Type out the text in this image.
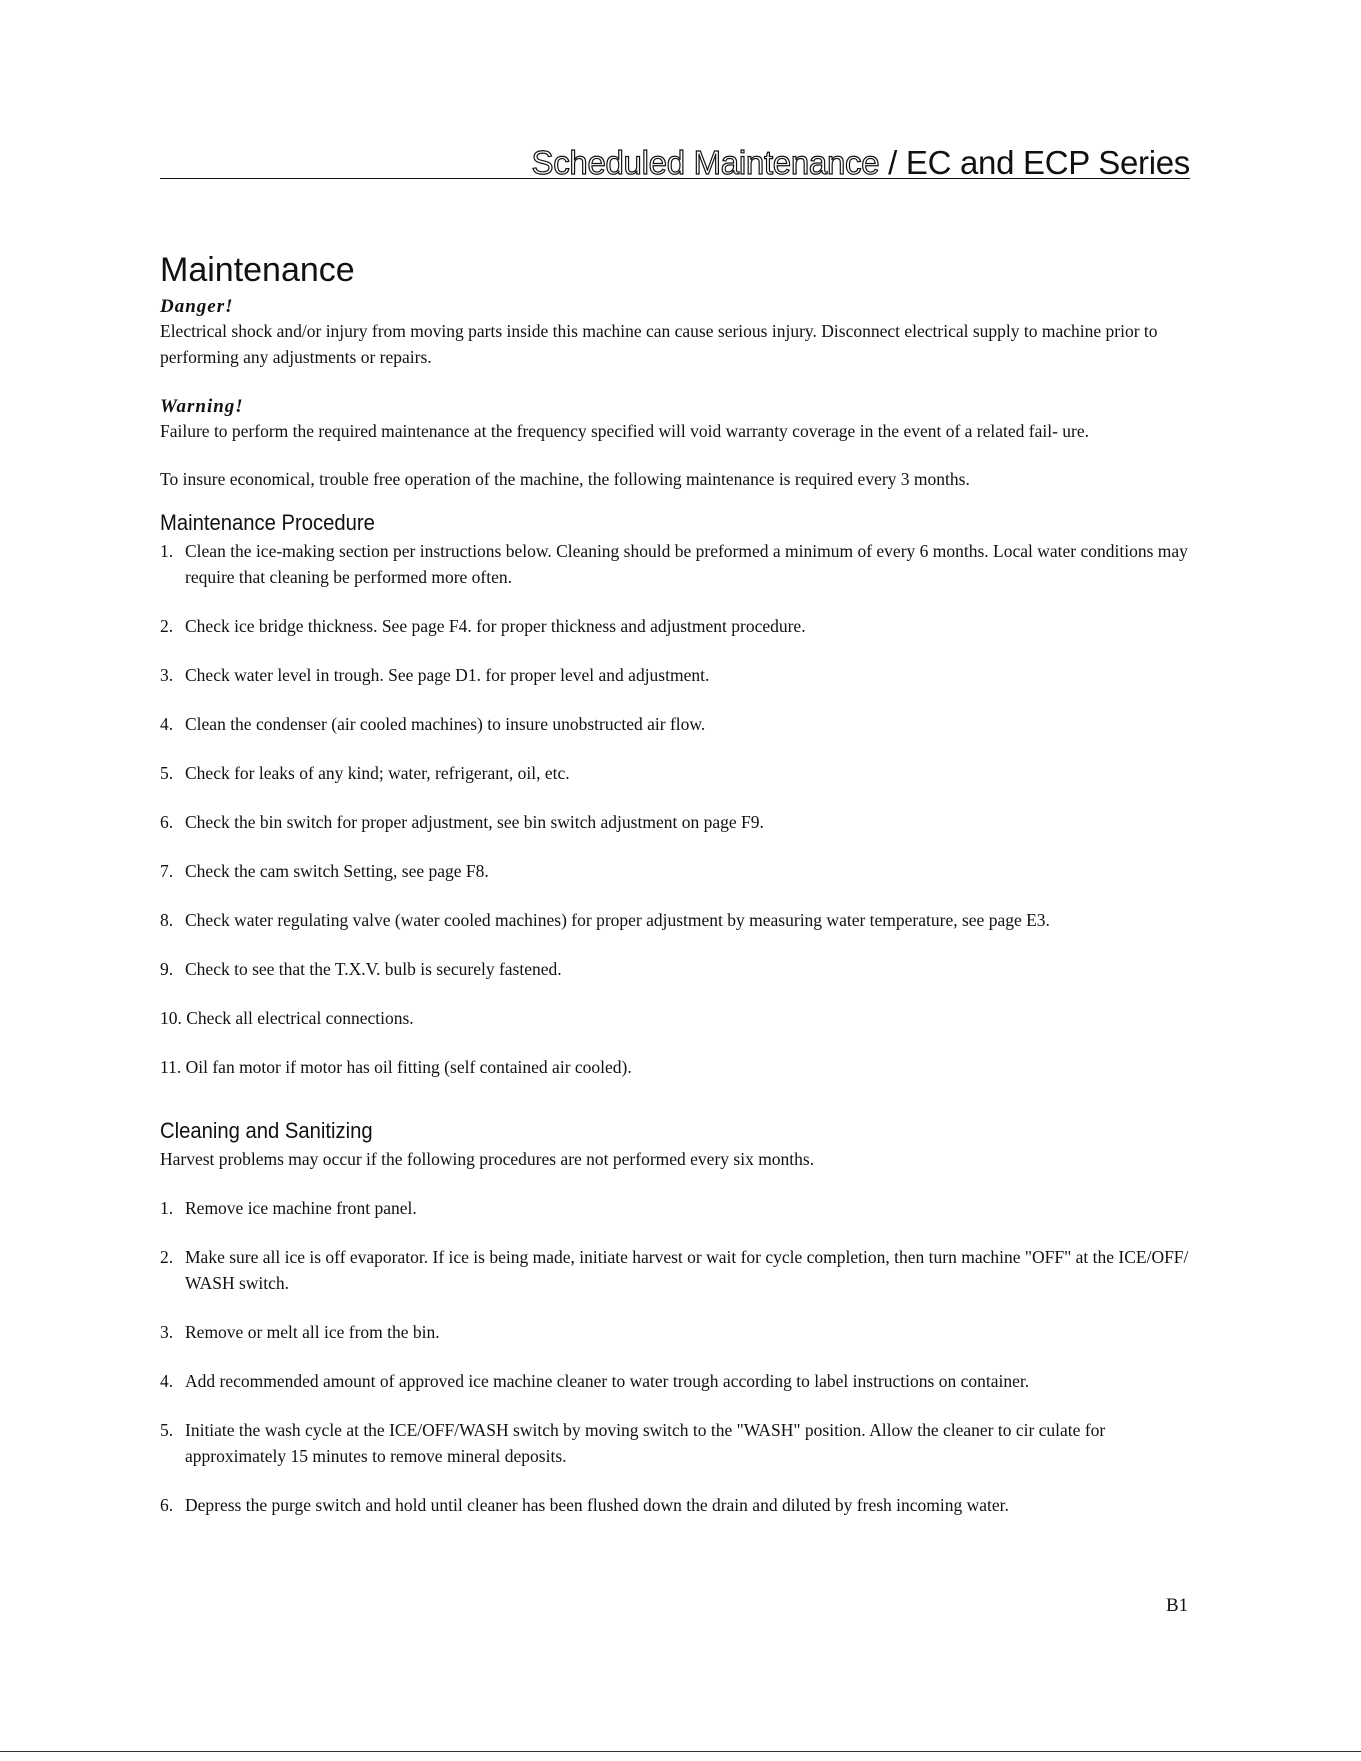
Scheduled Maintenance / EC and ECP Series
Maintenance
Danger!

Electrical shock and/or injury from moving parts inside this machine can cause serious injury. Disconnect electrical supply to machine prior to performing any adjustments or repairs.

Warning!

Failure to perform the required maintenance at the frequency specified will void warranty coverage in the event of a related fail- ure.

To insure economical, trouble free operation of the machine, the following maintenance is required every 3 months.

Maintenance Procedure
1. Clean the ice-making section per instructions below. Cleaning should be preformed a minimum of every 6 months. Local water conditions may require that cleaning be performed more often.
2. Check ice bridge thickness. See page F4. for proper thickness and adjustment procedure.
3. Check water level in trough. See page D1. for proper level and adjustment.
4. Clean the condenser (air cooled machines) to insure unobstructed air flow.
5. Check for leaks of any kind; water, refrigerant, oil, etc.
6. Check the bin switch for proper adjustment, see bin switch adjustment on page F9.
7. Check the cam switch Setting, see page F8.
8. Check water regulating valve (water cooled machines) for proper adjustment by measuring water temperature, see page E3.
9. Check to see that the T.X.V. bulb is securely fastened.
10. Check all electrical connections.
11. Oil fan motor if motor has oil fitting (self contained air cooled).
Cleaning and Sanitizing

Harvest problems may occur if the following procedures are not performed every six months.

1. Remove ice machine front panel.
2. Make sure all ice is off evaporator. If ice is being made, initiate harvest or wait for cycle completion, then turn machine "OFF" at the ICE/OFF/ WASH switch.
3. Remove or melt all ice from the bin.
4. Add recommended amount of approved ice machine cleaner to water trough according to label instructions on container.
5. Initiate the wash cycle at the ICE/OFF/WASH switch by moving switch to the "WASH" position. Allow the cleaner to cir culate for approximately 15 minutes to remove mineral deposits.
6. Depress the purge switch and hold until cleaner has been flushed down the drain and diluted by fresh incoming water.
B1
